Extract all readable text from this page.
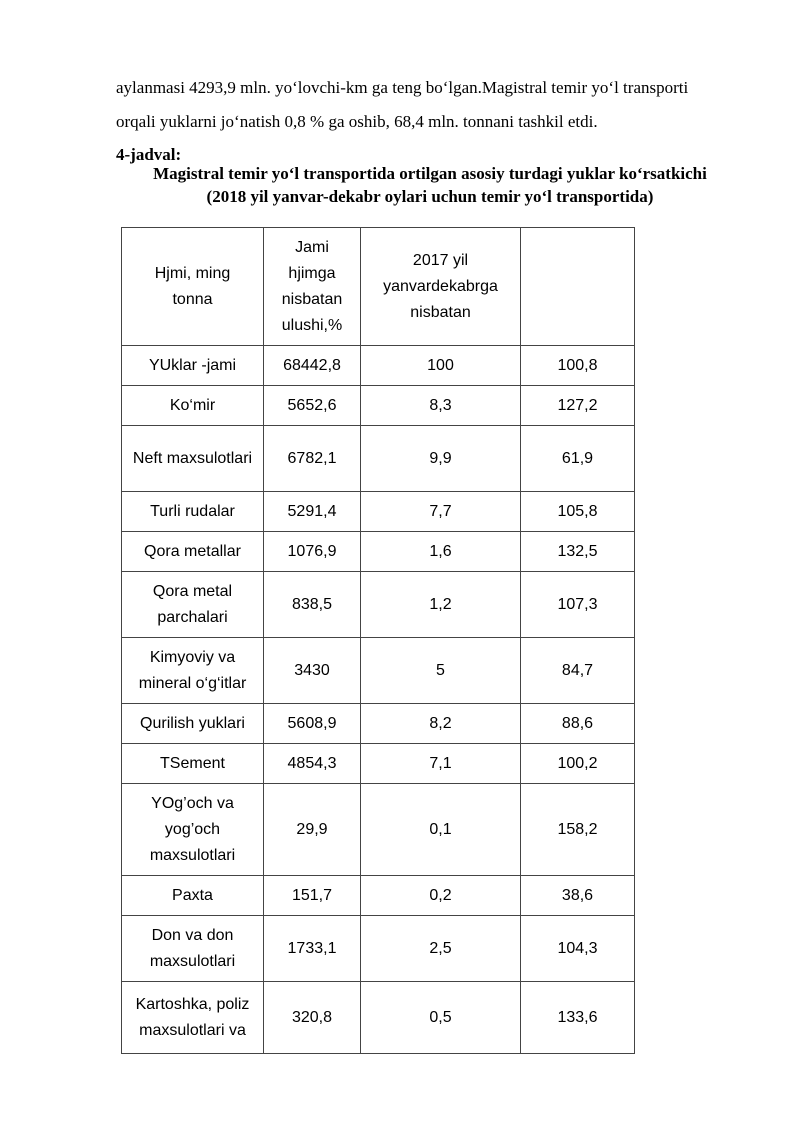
aylanmasi 4293,9 mln. yo‘lovchi-km ga teng bo‘lgan.Magistral temir yo‘l transporti
orqali yuklarni jo‘natish 0,8 % ga oshib, 68,4 mln. tonnani tashkil etdi.
4-jadval:
Magistral temir yo‘l transportida ortilgan asosiy turdagi yuklar ko‘rsatkichi
(2018 yil yanvar-dekabr oylari uchun temir yo‘l transportida)
Hjmi, ming tonna	Jami hjimga nisbatan ulushi,%	2017 yil yanvardekabrga nisbatan	
YUklar -jami	68442,8	100	100,8
Ko‘mir	5652,6	8,3	127,2
Neft maxsulotlari	6782,1	9,9	61,9
Turli rudalar	5291,4	7,7	105,8
Qora metallar	1076,9	1,6	132,5
Qora metal parchalari	838,5	1,2	107,3
Kimyoviy va mineral o‘g‘itlar	3430	5	84,7
Qurilish yuklari	5608,9	8,2	88,6
TSement	4854,3	7,1	100,2
YOg’och va yog’och maxsulotlari	29,9	0,1	158,2
Paxta	151,7	0,2	38,6
Don va don maxsulotlari	1733,1	2,5	104,3
Kartoshka, poliz maxsulotlari va	320,8	0,5	133,6
